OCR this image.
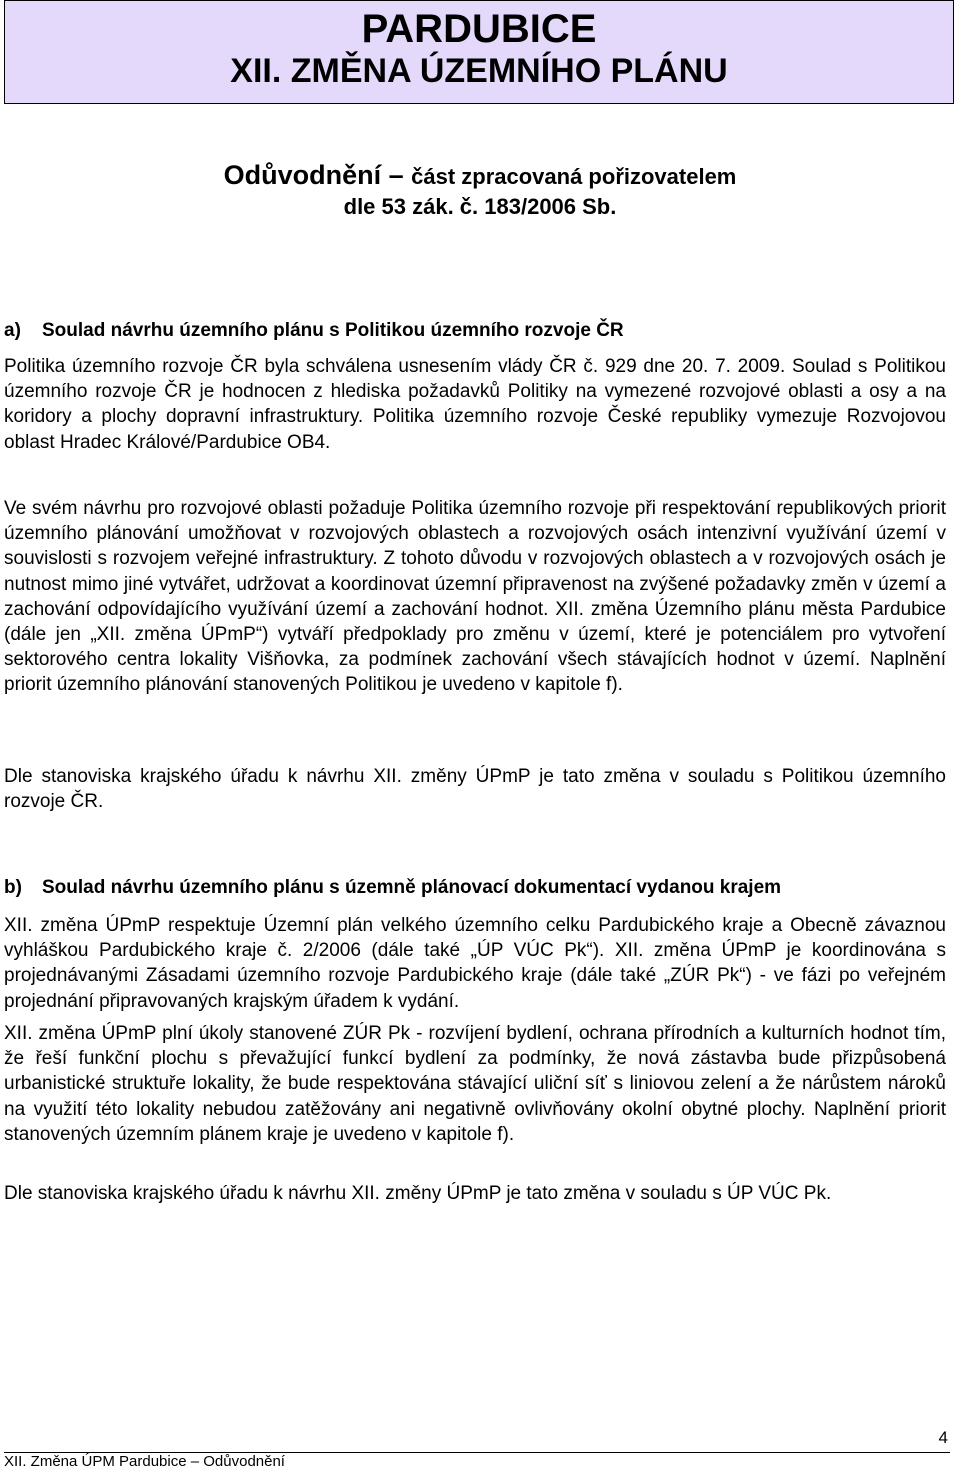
PARDUBICE
XII. ZMĚNA ÚZEMNÍHO PLÁNU
Odůvodnění – část zpracovaná pořizovatelem
dle 53 zák. č. 183/2006 Sb.
a) Soulad návrhu územního plánu s Politikou územního rozvoje ČR
Politika územního rozvoje ČR byla schválena usnesením vlády ČR č. 929 dne 20. 7. 2009. Soulad s Politikou územního rozvoje ČR je hodnocen z hlediska požadavků Politiky na vymezené rozvojové oblasti a osy a na koridory a plochy dopravní infrastruktury. Politika územního rozvoje České republiky vymezuje Rozvojovou oblast Hradec Králové/Pardubice OB4.
Ve svém návrhu pro rozvojové oblasti požaduje Politika územního rozvoje při respektování republikových priorit územního plánování umožňovat v rozvojových oblastech a rozvojových osách intenzivní využívání území v souvislosti s rozvojem veřejné infrastruktury. Z tohoto důvodu v rozvojových oblastech a v rozvojových osách je nutnost mimo jiné vytvářet, udržovat a koordinovat územní připravenost na zvýšené požadavky změn v území a zachování odpovídajícího využívání území a zachování hodnot. XII. změna Územního plánu města Pardubice (dále jen „XII. změna ÚPmP“) vytváří předpoklady pro změnu v území, které je potenciálem pro vytvoření sektorového centra lokality Višňovka, za podmínek zachování všech stávajících hodnot v území. Naplnění priorit územního plánování stanovených Politikou je uvedeno v kapitole f).
Dle stanoviska krajského úřadu k návrhu XII. změny ÚPmP je tato změna v souladu s Politikou územního rozvoje ČR.
b) Soulad návrhu územního plánu s územně plánovací dokumentací vydanou krajem
XII. změna ÚPmP respektuje Územní plán velkého územního celku Pardubického kraje a Obecně závaznou vyhláškou Pardubického kraje č. 2/2006 (dále také „ÚP VÚC Pk“). XII. změna ÚPmP je koordinována s projednávanými Zásadami územního rozvoje Pardubického kraje (dále také „ZÚR Pk“) - ve fázi po veřejném projednání připravovaných krajským úřadem k vydání.
XII. změna ÚPmP plní úkoly stanovené ZÚR Pk - rozvíjení bydlení, ochrana přírodních a kulturních hodnot tím, že řeší funkční plochu s převažující funkcí bydlení za podmínky, že nová zástavba bude přizpůsobená urbanistické struktuře lokality, že bude respektována stávající uliční síť s liniovou zelení a že nárůstem nároků na využití této lokality nebudou zatěžovány ani negativně ovlivňovány okolní obytné plochy. Naplnění priorit stanovených územním plánem kraje je uvedeno v kapitole f).
Dle stanoviska krajského úřadu k návrhu XII. změny ÚPmP je tato změna v souladu s ÚP VÚC Pk.
4
XII. Změna ÚPM Pardubice – Odůvodnění
